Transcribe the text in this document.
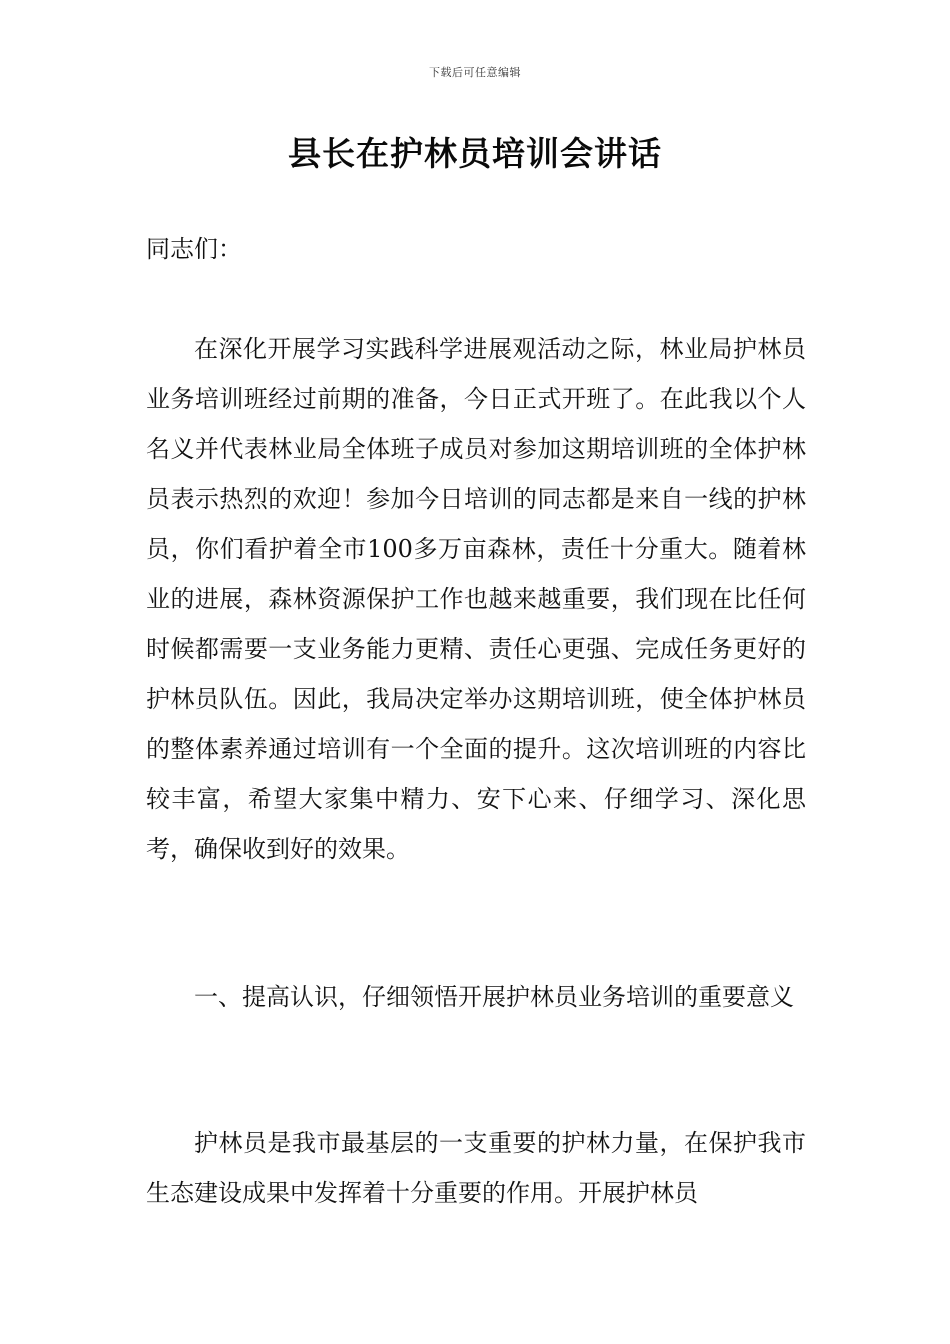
下载后可任意编辑
县长在护林员培训会讲话

同志们：

在深化开展学习实践科学进展观活动之际，林业局护林员业务培训班经过前期的准备，今日正式开班了。在此我以个人名义并代表林业局全体班子成员对参加这期培训班的全体护林员表示热烈的欢迎！参加今日培训的同志都是来自一线的护林员，你们看护着全市100多万亩森林，责任十分重大。随着林业的进展，森林资源保护工作也越来越重要，我们现在比任何时候都需要一支业务能力更精、责任心更强、完成任务更好的护林员队伍。因此，我局决定举办这期培训班，使全体护林员的整体素养通过培训有一个全面的提升。这次培训班的内容比较丰富，希望大家集中精力、安下心来、仔细学习、深化思考，确保收到好的效果。

一、提高认识，仔细领悟开展护林员业务培训的重要意义

护林员是我市最基层的一支重要的护林力量，在保护我市生态建设成果中发挥着十分重要的作用。开展护林员
